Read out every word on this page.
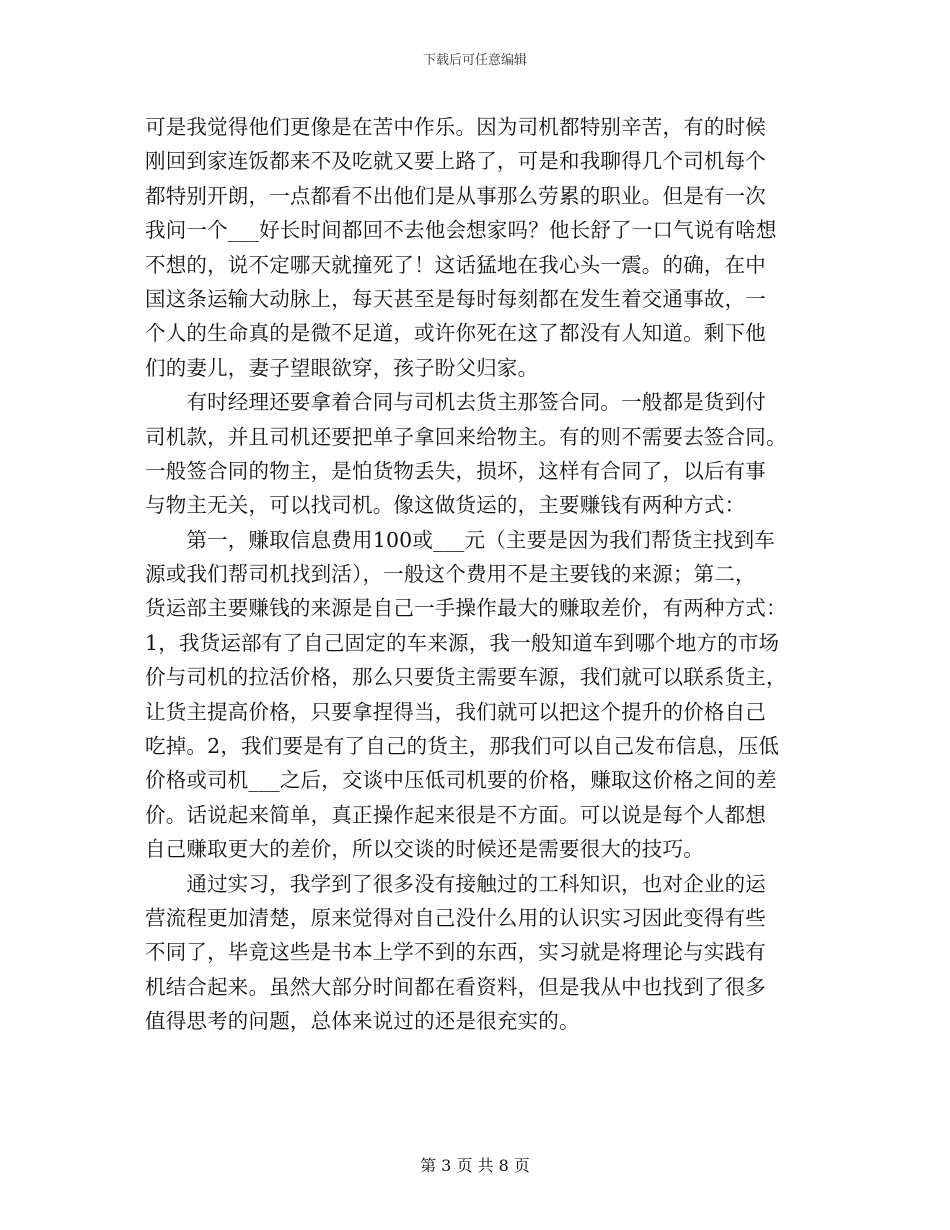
下载后可任意编辑
可是我觉得他们更像是在苦中作乐。因为司机都特别辛苦，有的时候
刚回到家连饭都来不及吃就又要上路了，可是和我聊得几个司机每个
都特别开朗，一点都看不出他们是从事那么劳累的职业。但是有一次
我问一个___好长时间都回不去他会想家吗？他长舒了一口气说有啥想
不想的，说不定哪天就撞死了！这话猛地在我心头一震。的确，在中
国这条运输大动脉上，每天甚至是每时每刻都在发生着交通事故，一
个人的生命真的是微不足道，或许你死在这了都没有人知道。剩下他
们的妻儿，妻子望眼欲穿，孩子盼父归家。
　　有时经理还要拿着合同与司机去货主那签合同。一般都是货到付
司机款，并且司机还要把单子拿回来给物主。有的则不需要去签合同。
一般签合同的物主，是怕货物丢失，损坏，这样有合同了，以后有事
与物主无关，可以找司机。像这做货运的，主要赚钱有两种方式：
　　第一，赚取信息费用100或___元（主要是因为我们帮货主找到车
源或我们帮司机找到活），一般这个费用不是主要钱的来源；第二，
货运部主要赚钱的来源是自己一手操作最大的赚取差价，有两种方式：
1，我货运部有了自己固定的车来源，我一般知道车到哪个地方的市场
价与司机的拉活价格，那么只要货主需要车源，我们就可以联系货主，
让货主提高价格，只要拿捏得当，我们就可以把这个提升的价格自己
吃掉。2，我们要是有了自己的货主，那我们可以自己发布信息，压低
价格或司机___之后，交谈中压低司机要的价格，赚取这价格之间的差
价。话说起来简单，真正操作起来很是不方面。可以说是每个人都想
自己赚取更大的差价，所以交谈的时候还是需要很大的技巧。
　　通过实习，我学到了很多没有接触过的工科知识，也对企业的运
营流程更加清楚，原来觉得对自己没什么用的认识实习因此变得有些
不同了，毕竟这些是书本上学不到的东西，实习就是将理论与实践有
机结合起来。虽然大部分时间都在看资料，但是我从中也找到了很多
值得思考的问题，总体来说过的还是很充实的。
第 3 页 共 8 页
